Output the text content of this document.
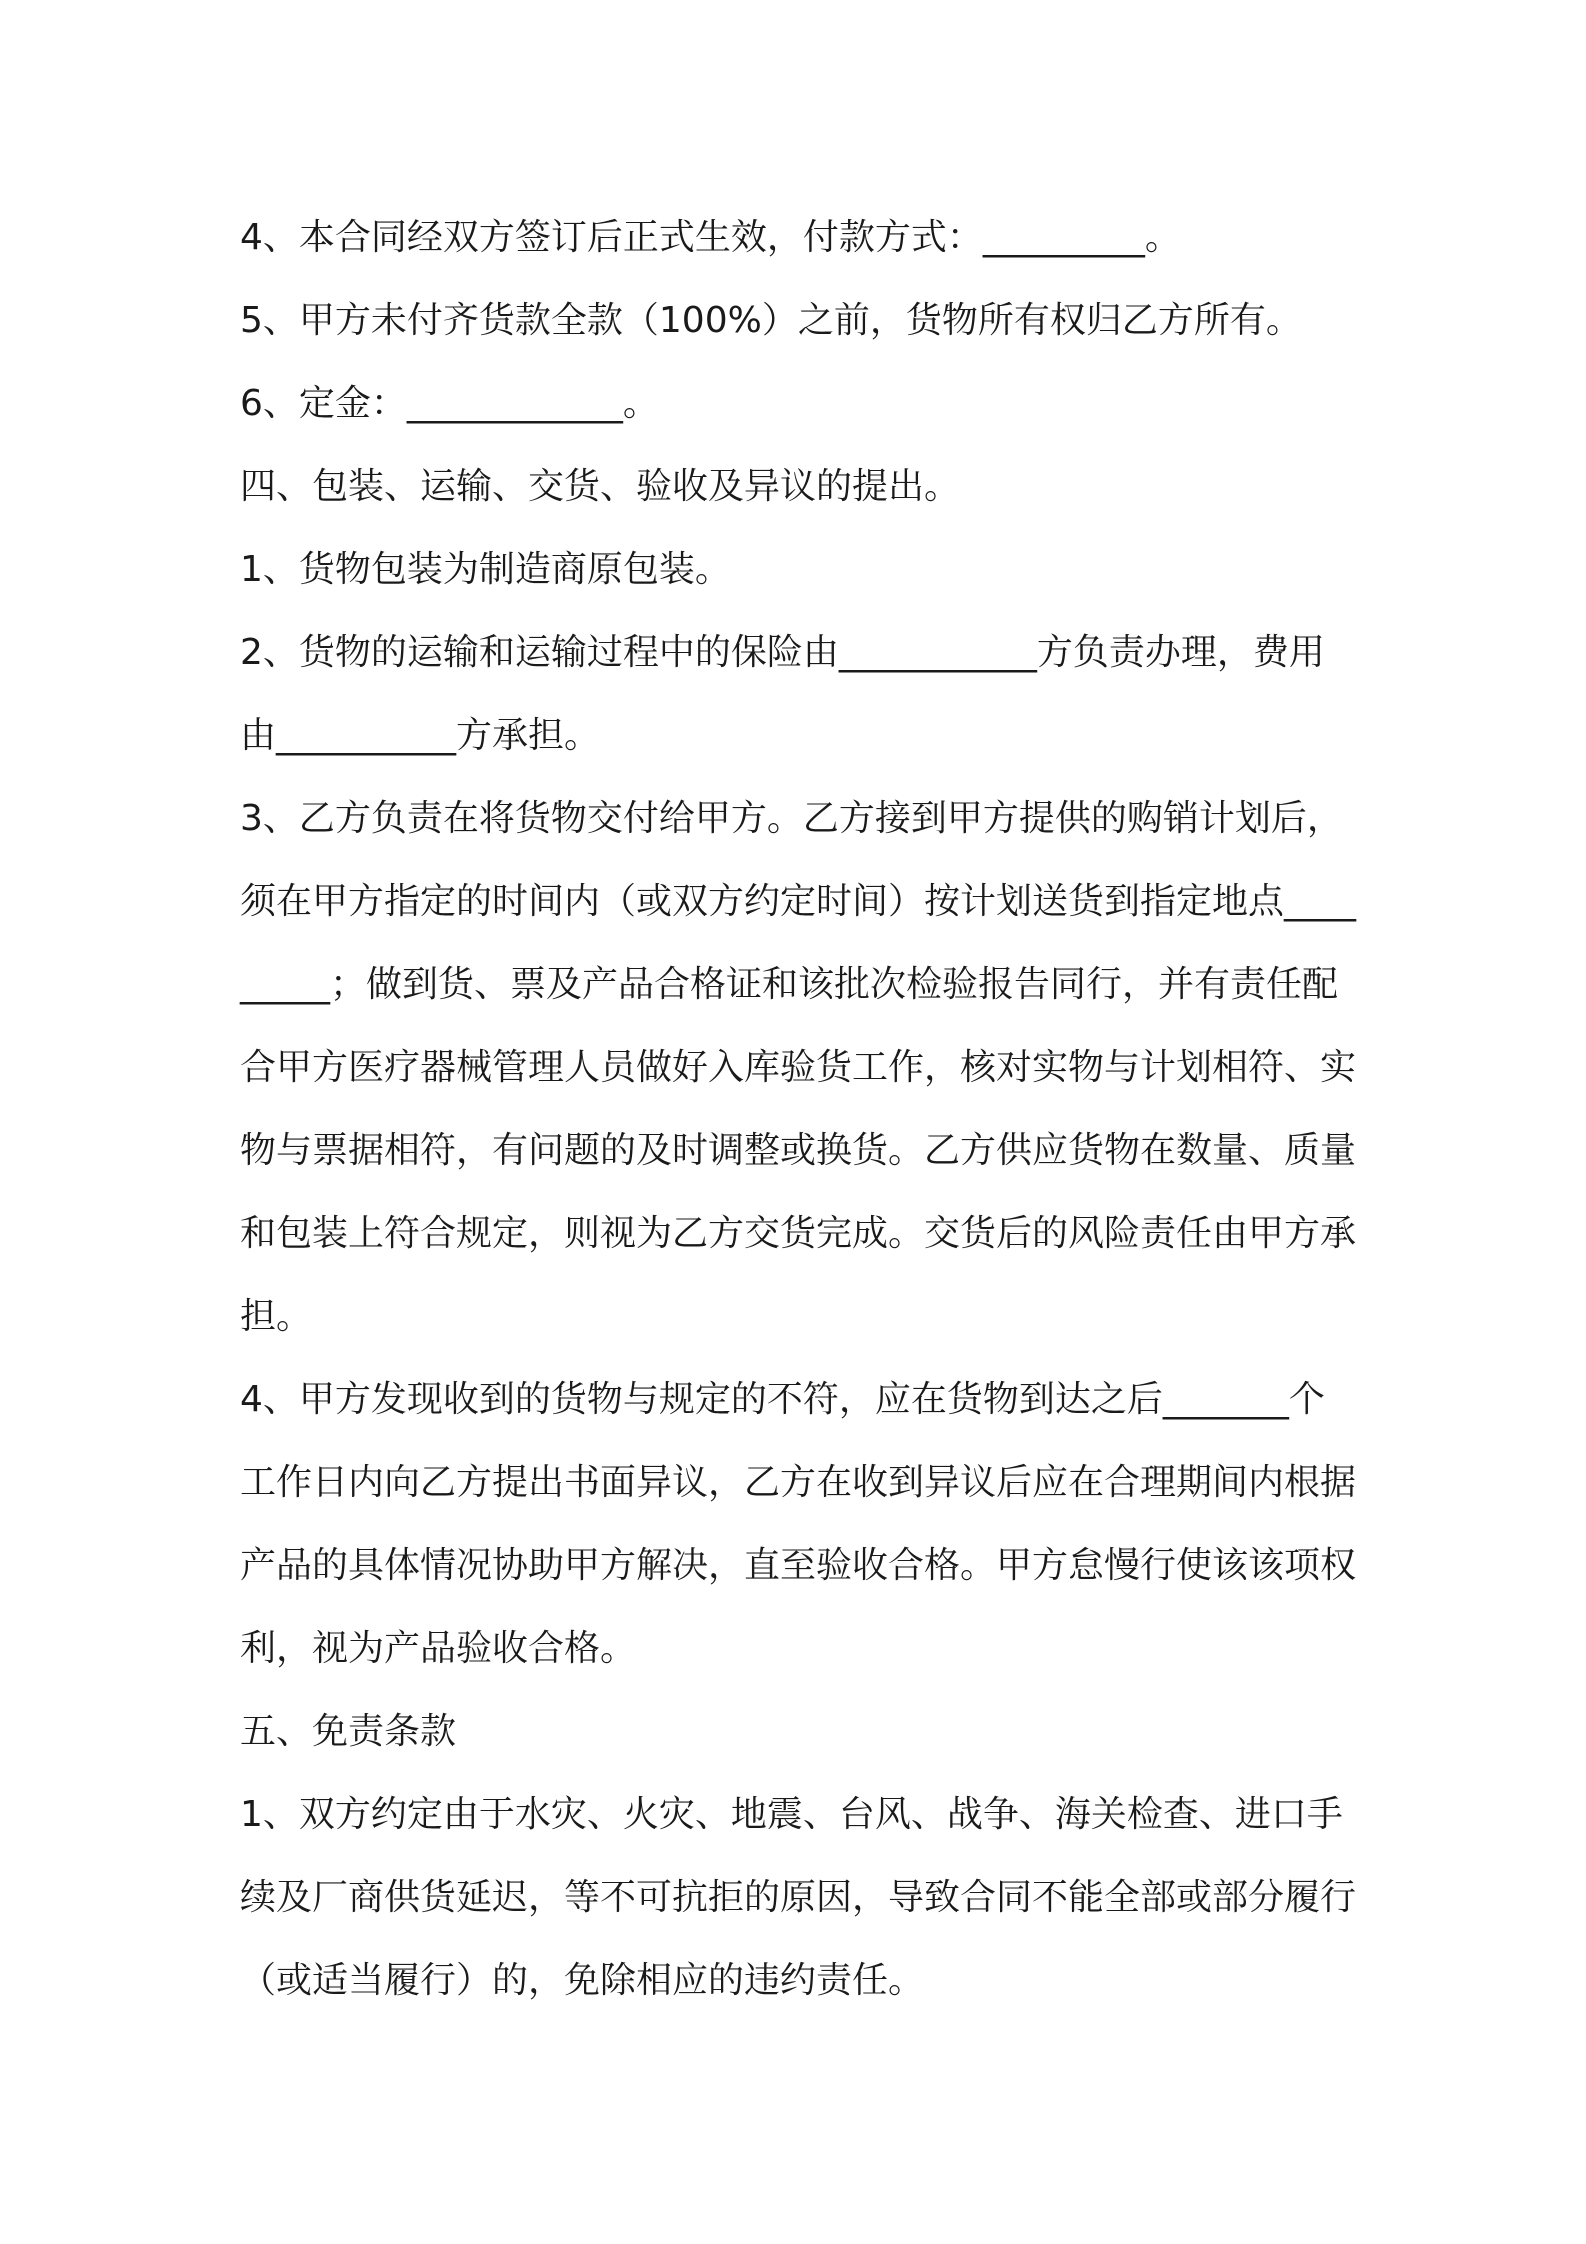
4、本合同经双方签订后正式生效，付款方式：_________。

5、甲方未付齐货款全款（100%）之前，货物所有权归乙方所有。

6、定金：____________。

四、包装、运输、交货、验收及异议的提出。

1、货物包装为制造商原包装。

2、货物的运输和运输过程中的保险由___________方负责办理，费用由__________方承担。

3、乙方负责在将货物交付给甲方。乙方接到甲方提供的购销计划后，须在甲方指定的时间内（或双方约定时间）按计划送货到指定地点_________；做到货、票及产品合格证和该批次检验报告同行，并有责任配合甲方医疗器械管理人员做好入库验货工作，核对实物与计划相符、实物与票据相符，有问题的及时调整或换货。乙方供应货物在数量、质量和包装上符合规定，则视为乙方交货完成。交货后的风险责任由甲方承担。

4、甲方发现收到的货物与规定的不符，应在货物到达之后_______个工作日内向乙方提出书面异议，乙方在收到异议后应在合理期间内根据产品的具体情况协助甲方解决，直至验收合格。甲方怠慢行使该该项权利，视为产品验收合格。

五、免责条款

1、双方约定由于水灾、火灾、地震、台风、战争、海关检查、进口手续及厂商供货延迟，等不可抗拒的原因，导致合同不能全部或部分履行（或适当履行）的，免除相应的违约责任。
